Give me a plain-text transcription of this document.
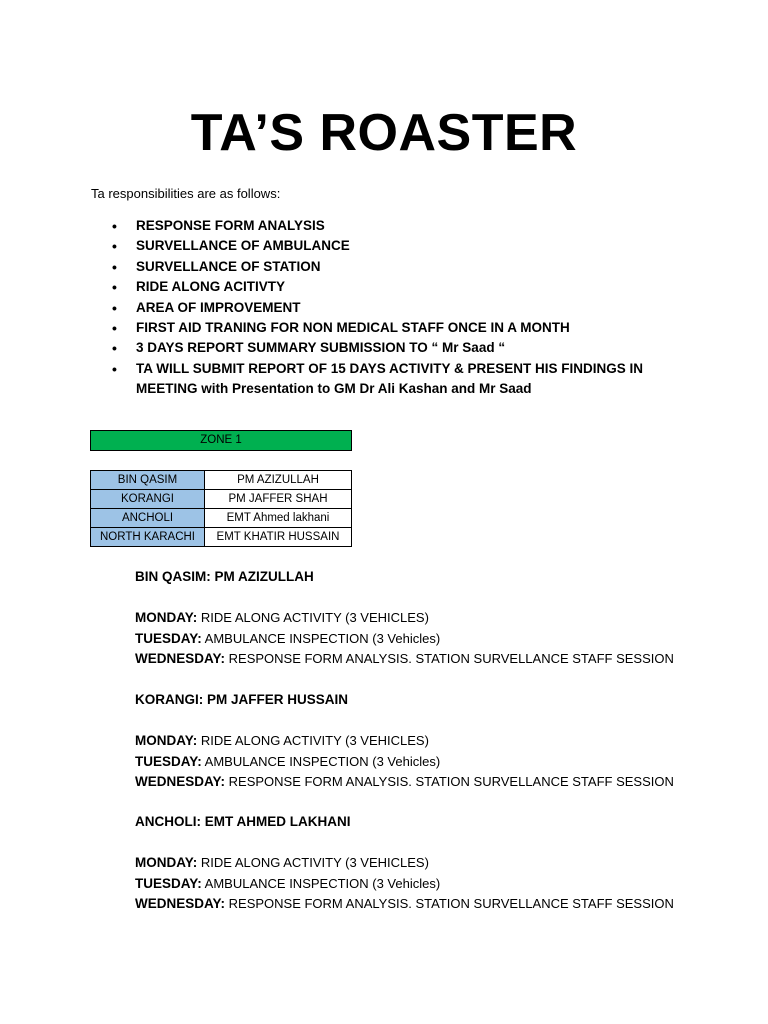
TA’S ROASTER
Ta responsibilities are as follows:
• RESPONSE FORM ANALYSIS
• SURVELLANCE OF AMBULANCE
• SURVELLANCE OF STATION
• RIDE ALONG ACITIVTY
• AREA OF IMPROVEMENT
• FIRST AID TRANING FOR NON MEDICAL STAFF ONCE IN A MONTH
• 3 DAYS REPORT SUMMARY SUBMISSION TO “ Mr Saad “
• TA WILL SUBMIT REPORT OF 15 DAYS ACTIVITY & PRESENT HIS FINDINGS IN MEETING with Presentation to GM Dr Ali Kashan and Mr Saad
ZONE 1
BIN QASIM	PM AZIZULLAH
KORANGI	PM JAFFER SHAH
ANCHOLI	EMT Ahmed lakhani
NORTH KARACHI	EMT KHATIR HUSSAIN
BIN QASIM: PM AZIZULLAH
MONDAY: RIDE ALONG ACTIVITY (3 VEHICLES)
TUESDAY: AMBULANCE INSPECTION (3 Vehicles)
WEDNESDAY: RESPONSE FORM ANALYSIS. STATION SURVELLANCE STAFF SESSION
KORANGI: PM JAFFER HUSSAIN
MONDAY: RIDE ALONG ACTIVITY (3 VEHICLES)
TUESDAY: AMBULANCE INSPECTION (3 Vehicles)
WEDNESDAY: RESPONSE FORM ANALYSIS. STATION SURVELLANCE STAFF SESSION
ANCHOLI: EMT AHMED LAKHANI
MONDAY: RIDE ALONG ACTIVITY (3 VEHICLES)
TUESDAY: AMBULANCE INSPECTION (3 Vehicles)
WEDNESDAY: RESPONSE FORM ANALYSIS. STATION SURVELLANCE STAFF SESSION
